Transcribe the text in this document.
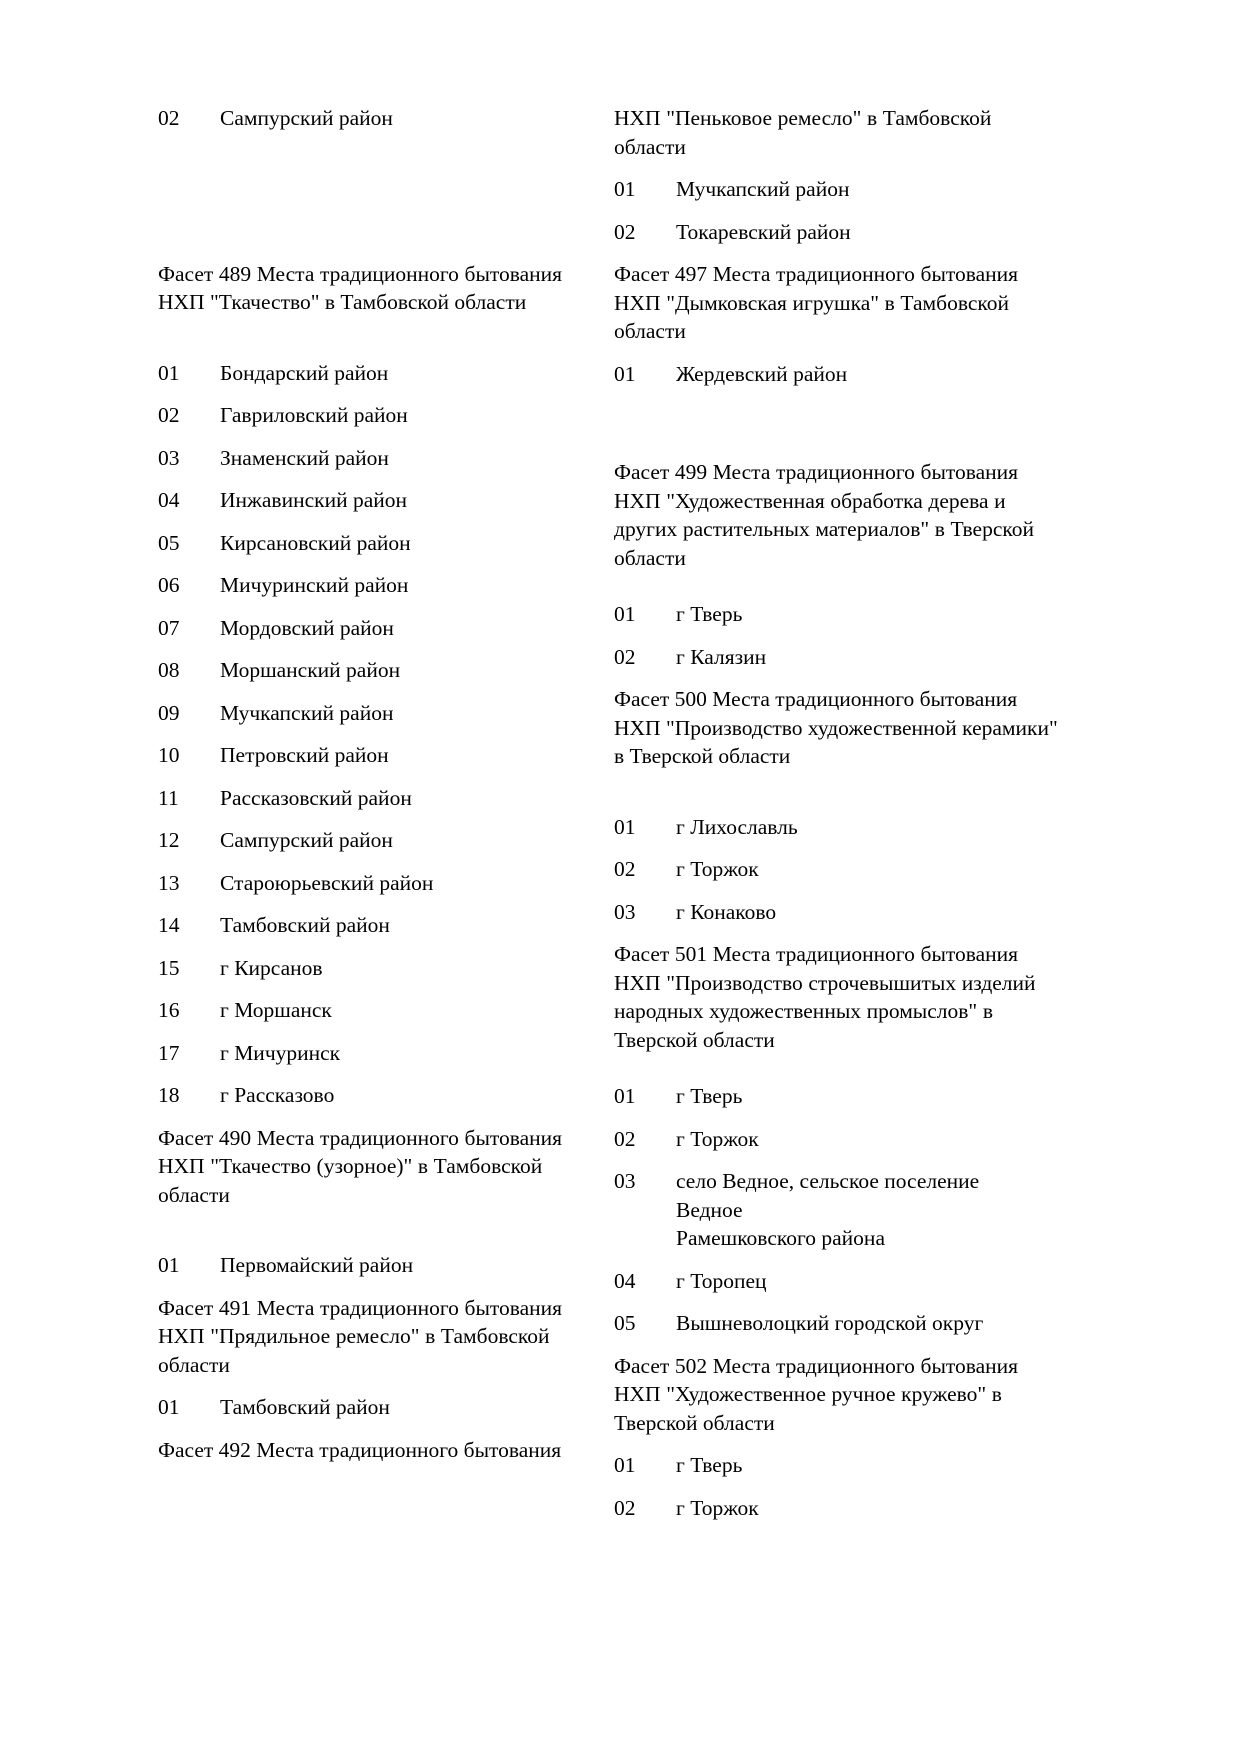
02	Сампурский район
Фасет 489 Места традиционного бытования
НХП "Ткачество" в Тамбовской области
01	Бондарский район
02	Гавриловский район
03	Знаменский район
04	Инжавинский район
05	Кирсановский район
06	Мичуринский район
07	Мордовский район
08	Моршанский район
09	Мучкапский район
10	Петровский район
11	Рассказовский район
12	Сампурский район
13	Староюрьевский район
14	Тамбовский район
15	г Кирсанов
16	г Моршанск
17	г Мичуринск
18	г Рассказово
Фасет 490 Места традиционного бытования
НХП "Ткачество (узорное)" в Тамбовской
области
01	Первомайский район
Фасет 491 Места традиционного бытования
НХП "Прядильное ремесло" в Тамбовской
области
01	Тамбовский район
Фасет 492 Места традиционного бытования
НХП "Пеньковое ремесло" в Тамбовской
области
01	Мучкапский район
02	Токаревский район
Фасет 497 Места традиционного бытования
НХП "Дымковская игрушка" в Тамбовской
области
01	Жердевский район
Фасет 499 Места традиционного бытования
НХП "Художественная обработка дерева и
других растительных материалов" в Тверской
области
01	г Тверь
02	г Калязин
Фасет 500 Места традиционного бытования
НХП "Производство художественной керамики"
в Тверской области
01	г Лихославль
02	г Торжок
03	г Конаково
Фасет 501 Места традиционного бытования
НХП "Производство строчевышитых изделий
народных художественных промыслов" в
Тверской области
01	г Тверь
02	г Торжок
03	село Ведное, сельское поселение Ведное
Рамешковского района
04	г Торопец
05	Вышневолоцкий городской округ
Фасет 502 Места традиционного бытования
НХП "Художественное ручное кружево" в
Тверской области
01	г Тверь
02	г Торжок
